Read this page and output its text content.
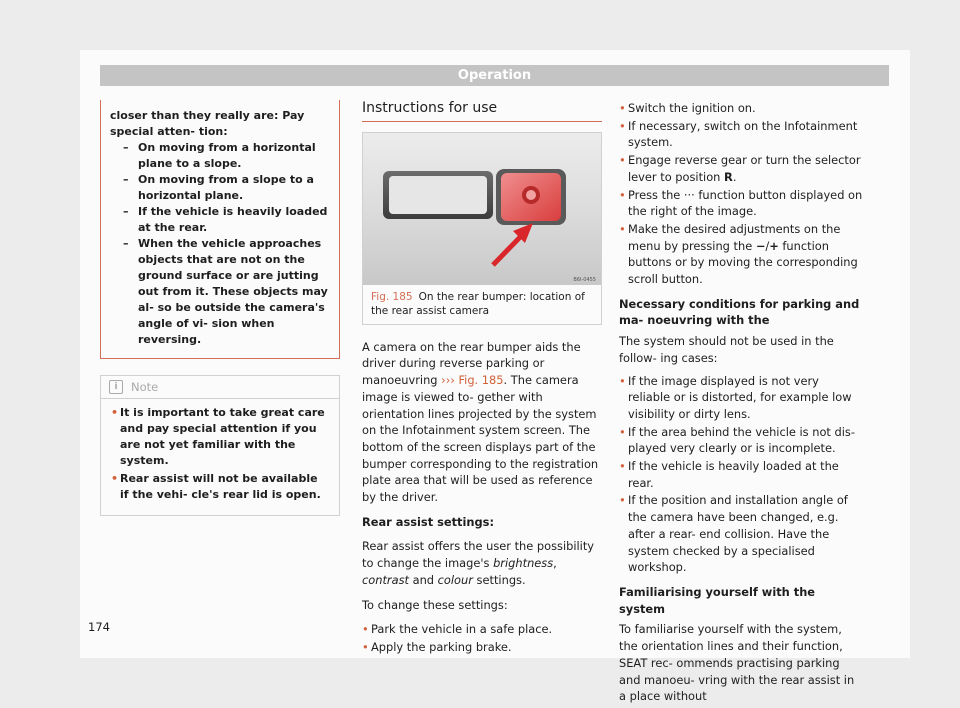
Operation

closer than they really are: Pay special atten- tion:

– On moving from a horizontal plane to a slope.
– On moving from a slope to a horizontal plane.
– If the vehicle is heavily loaded at the rear.
– When the vehicle approaches objects that are not on the ground surface or are jutting out from it. These objects may al- so be outside the camera's angle of vi- sion when reversing.
i	Note
• It is important to take great care and pay special attention if you are not yet familiar with the system.
• Rear assist will not be available if the vehi- cle's rear lid is open.
Instructions for use
B6I-0455
Fig. 185 On the rear bumper: location of the rear assist camera

A camera on the rear bumper aids the driver during reverse parking or manoeuvring ››› Fig. 185. The camera image is viewed to- gether with orientation lines projected by the system on the Infotainment system screen. The bottom of the screen displays part of the bumper corresponding to the registration plate area that will be used as reference by the driver.

Rear assist settings:

Rear assist offers the user the possibility to change the image's brightness, contrast and colour settings.

To change these settings:

• Park the vehicle in a safe place.
• Apply the parking brake.
• Switch the ignition on.
• If necessary, switch on the Infotainment system.
• Engage reverse gear or turn the selector lever to position R.
• Press the ··· function button displayed on the right of the image.
• Make the desired adjustments on the menu by pressing the −/+ function buttons or by moving the corresponding scroll button.

Necessary conditions for parking and ma- noeuvring with the

The system should not be used in the follow- ing cases:

• If the image displayed is not very reliable or is distorted, for example low visibility or dirty lens.
• If the area behind the vehicle is not dis- played very clearly or is incomplete.
• If the vehicle is heavily loaded at the rear.
• If the position and installation angle of the camera have been changed, e.g. after a rear- end collision. Have the system checked by a specialised workshop.

Familiarising yourself with the system

To familiarise yourself with the system, the orientation lines and their function, SEAT rec- ommends practising parking and manoeu- vring with the rear assist in a place without

174
